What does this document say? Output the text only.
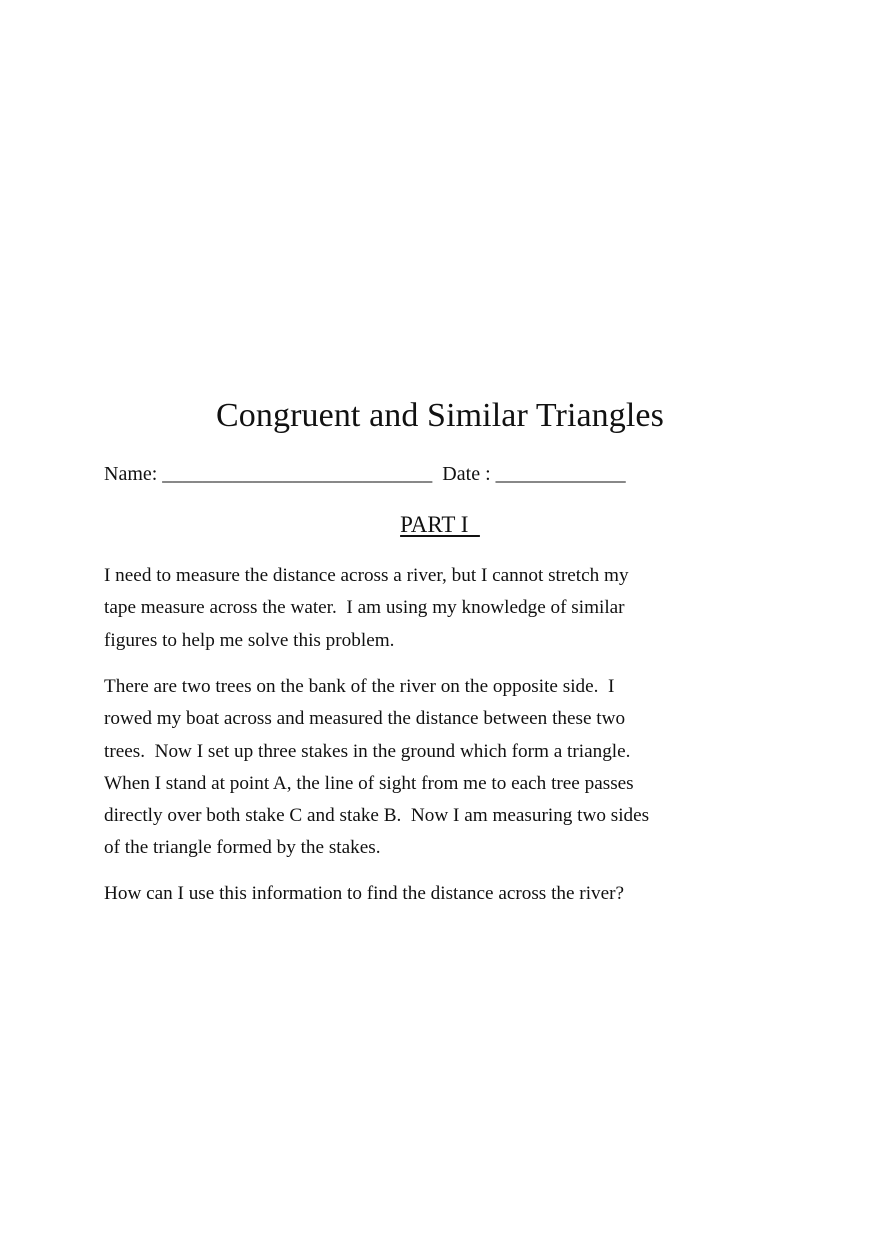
Congruent and Similar Triangles
Name: ___________________________  Date : _____________
PART I
I need to measure the distance across a river, but I cannot stretch my
tape measure across the water.  I am using my knowledge of similar
figures to help me solve this problem.
There are two trees on the bank of the river on the opposite side.  I
rowed my boat across and measured the distance between these two
trees.  Now I set up three stakes in the ground which form a triangle.
When I stand at point A, the line of sight from me to each tree passes
directly over both stake C and stake B.  Now I am measuring two sides
of the triangle formed by the stakes.
How can I use this information to find the distance across the river?
